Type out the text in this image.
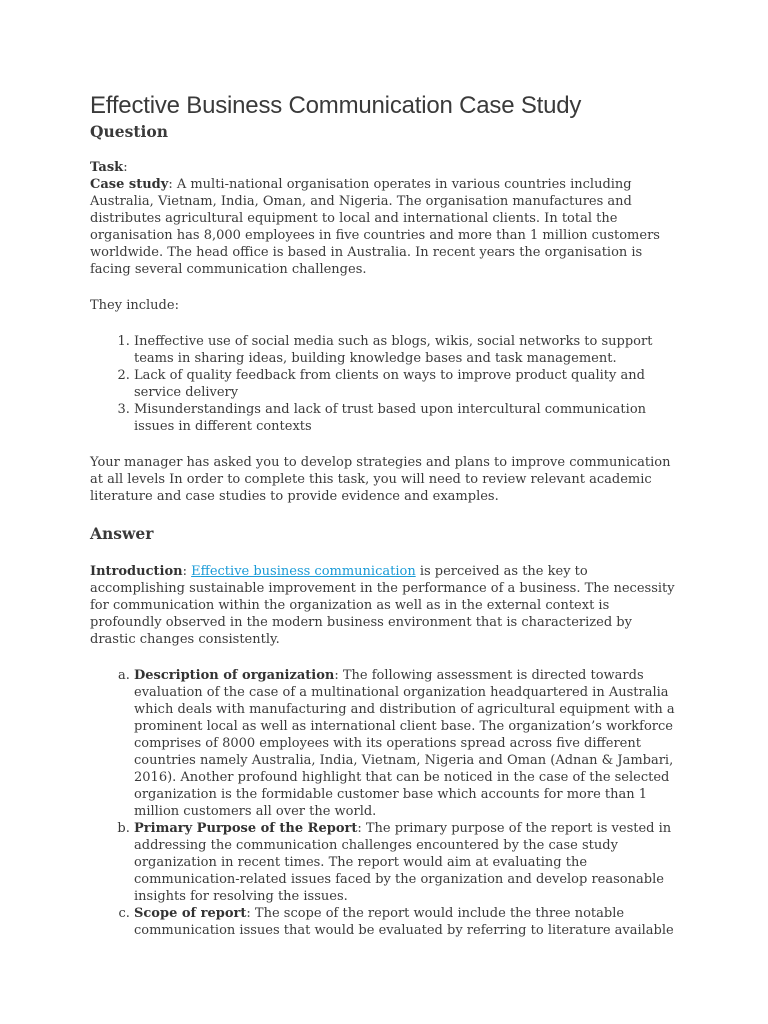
Effective Business Communication Case Study
Question

Task:

Case study: A multi-national organisation operates in various countries including Australia, Vietnam, India, Oman, and Nigeria. The organisation manufactures and distributes agricultural equipment to local and international clients. In total the organisation has 8,000 employees in five countries and more than 1 million customers worldwide. The head office is based in Australia. In recent years the organisation is facing several communication challenges.

They include:

1. Ineffective use of social media such as blogs, wikis, social networks to support teams in sharing ideas, building knowledge bases and task management.
2. Lack of quality feedback from clients on ways to improve product quality and service delivery
3. Misunderstandings and lack of trust based upon intercultural communication issues in different contexts

Your manager has asked you to develop strategies and plans to improve communication at all levels In order to complete this task, you will need to review relevant academic literature and case studies to provide evidence and examples.

Answer

Introduction: Effective business communication is perceived as the key to accomplishing sustainable improvement in the performance of a business. The necessity for communication within the organization as well as in the external context is profoundly observed in the modern business environment that is characterized by drastic changes consistently.

a. Description of organization: The following assessment is directed towards evaluation of the case of a multinational organization headquartered in Australia which deals with manufacturing and distribution of agricultural equipment with a prominent local as well as international client base. The organization’s workforce comprises of 8000 employees with its operations spread across five different countries namely Australia, India, Vietnam, Nigeria and Oman (Adnan & Jambari, 2016). Another profound highlight that can be noticed in the case of the selected organization is the formidable customer base which accounts for more than 1 million customers all over the world.
b. Primary Purpose of the Report: The primary purpose of the report is vested in addressing the communication challenges encountered by the case study organization in recent times. The report would aim at evaluating the communication-related issues faced by the organization and develop reasonable insights for resolving the issues.
c. Scope of report: The scope of the report would include the three notable communication issues that would be evaluated by referring to literature available
